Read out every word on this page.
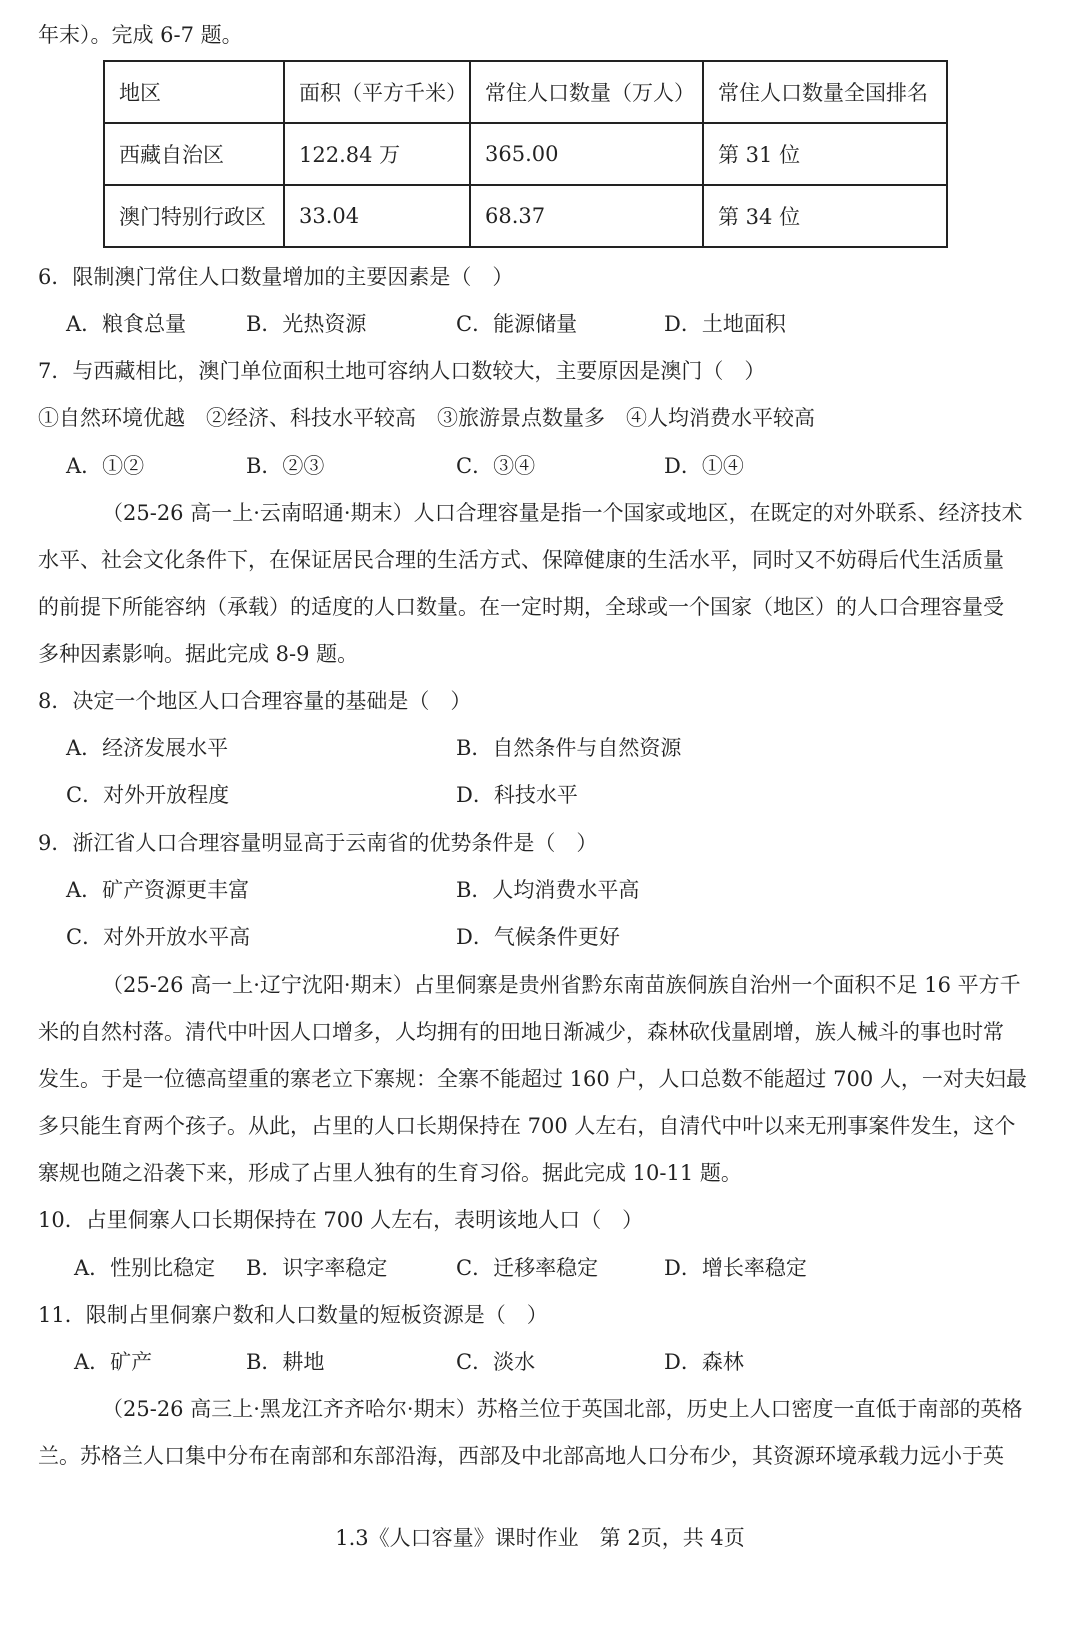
年末）。完成 6-7 题。
地区	面积（平方千米）	常住人口数量（万人）	常住人口数量全国排名
西藏自治区	122.84 万	365.00	第 31 位
澳门特别行政区	33.04	68.37	第 34 位
6．限制澳门常住人口数量增加的主要因素是（　）
A．粮食总量	B．光热资源	C．能源储量	D．土地面积
7．与西藏相比，澳门单位面积土地可容纳人口数较大，主要原因是澳门（　）
①自然环境优越　②经济、科技水平较高　③旅游景点数量多　④人均消费水平较高
A．①②	B．②③	C．③④	D．①④
（25-26 高一上·云南昭通·期末）人口合理容量是指一个国家或地区，在既定的对外联系、经济技术
水平、社会文化条件下，在保证居民合理的生活方式、保障健康的生活水平，同时又不妨碍后代生活质量
的前提下所能容纳（承载）的适度的人口数量。在一定时期，全球或一个国家（地区）的人口合理容量受
多种因素影响。据此完成 8-9 题。
8．决定一个地区人口合理容量的基础是（　）
A．经济发展水平	B．自然条件与自然资源
C．对外开放程度	D．科技水平
9．浙江省人口合理容量明显高于云南省的优势条件是（　）
A．矿产资源更丰富	B．人均消费水平高
C．对外开放水平高	D．气候条件更好
（25-26 高一上·辽宁沈阳·期末）占里侗寨是贵州省黔东南苗族侗族自治州一个面积不足 16 平方千
米的自然村落。清代中叶因人口增多，人均拥有的田地日渐减少，森林砍伐量剧增，族人械斗的事也时常
发生。于是一位德高望重的寨老立下寨规：全寨不能超过 160 户，人口总数不能超过 700 人，一对夫妇最
多只能生育两个孩子。从此，占里的人口长期保持在 700 人左右，自清代中叶以来无刑事案件发生，这个
寨规也随之沿袭下来，形成了占里人独有的生育习俗。据此完成 10-11 题。
10．占里侗寨人口长期保持在 700 人左右，表明该地人口（　）
A．性别比稳定 B．识字率稳定	C．迁移率稳定	D．增长率稳定
11．限制占里侗寨户数和人口数量的短板资源是（　）
A．矿产	B．耕地	C．淡水	D．森林
（25-26 高三上·黑龙江齐齐哈尔·期末）苏格兰位于英国北部，历史上人口密度一直低于南部的英格
兰。苏格兰人口集中分布在南部和东部沿海，西部及中北部高地人口分布少，其资源环境承载力远小于英
1.3《人口容量》课时作业　第 2页，共 4页
